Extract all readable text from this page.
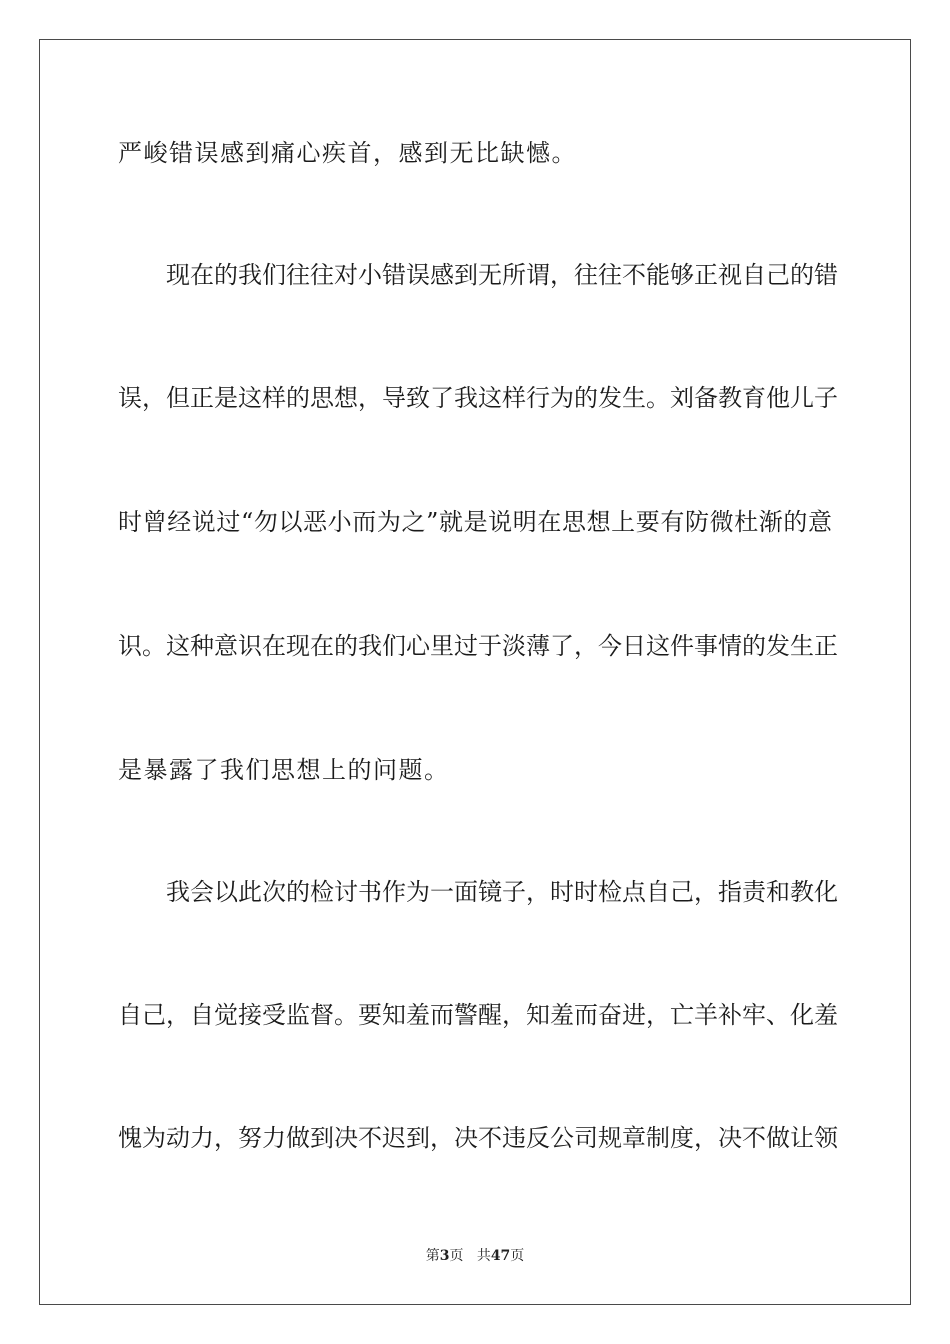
严峻错误感到痛心疾首，感到无比缺憾。
现在的我们往往对小错误感到无所谓，往往不能够正视自己的错
误，但正是这样的思想，导致了我这样行为的发生。刘备教育他儿子
时曾经说过“勿以恶小而为之”就是说明在思想上要有防微杜渐的意
识。这种意识在现在的我们心里过于淡薄了，今日这件事情的发生正
是暴露了我们思想上的问题。
我会以此次的检讨书作为一面镜子，时时检点自己，指责和教化
自己，自觉接受监督。要知羞而警醒，知羞而奋进，亡羊补牢、化羞
愧为动力，努力做到决不迟到，决不违反公司规章制度，决不做让领
第3页 共47页
